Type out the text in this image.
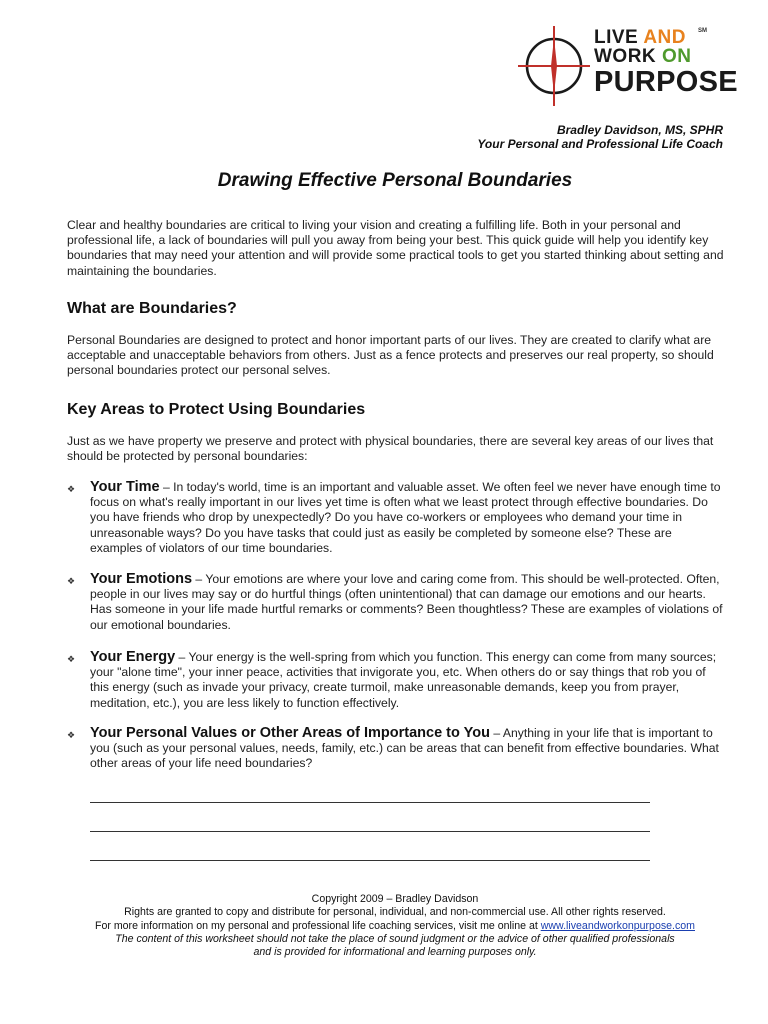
LIVE AND
WORK ON
PURPOSE
SM
Bradley Davidson, MS, SPHR
Your Personal and Professional Life Coach
Drawing Effective Personal Boundaries
Clear and healthy boundaries are critical to living your vision and creating a fulfilling life. Both in your personal and professional life, a lack of boundaries will pull you away from being your best. This quick guide will help you identify key boundaries that may need your attention and will provide some practical tools to get you started thinking about setting and maintaining the boundaries.
What are Boundaries?
Personal Boundaries are designed to protect and honor important parts of our lives. They are created to clarify what are acceptable and unacceptable behaviors from others. Just as a fence protects and preserves our real property, so should personal boundaries protect our personal selves.
Key Areas to Protect Using Boundaries
Just as we have property we preserve and protect with physical boundaries, there are several key areas of our lives that should be protected by personal boundaries:
❖ Your Time – In today's world, time is an important and valuable asset. We often feel we never have enough time to focus on what's really important in our lives yet time is often what we least protect through effective boundaries. Do you have friends who drop by unexpectedly? Do you have co-workers or employees who demand your time in unreasonable ways? Do you have tasks that could just as easily be completed by someone else? These are examples of violators of our time boundaries.
❖ Your Emotions – Your emotions are where your love and caring come from. This should be well-protected. Often, people in our lives may say or do hurtful things (often unintentional) that can damage our emotions and our hearts. Has someone in your life made hurtful remarks or comments? Been thoughtless? These are examples of violations of our emotional boundaries.
❖ Your Energy – Your energy is the well-spring from which you function. This energy can come from many sources; your "alone time", your inner peace, activities that invigorate you, etc. When others do or say things that rob you of this energy (such as invade your privacy, create turmoil, make unreasonable demands, keep you from prayer, meditation, etc.), you are less likely to function effectively.
❖ Your Personal Values or Other Areas of Importance to You – Anything in your life that is important to you (such as your personal values, needs, family, etc.) can be areas that can benefit from effective boundaries. What other areas of your life need boundaries?
Copyright 2009 – Bradley Davidson
Rights are granted to copy and distribute for personal, individual, and non-commercial use. All other rights reserved.
For more information on my personal and professional life coaching services, visit me online at www.liveandworkonpurpose.com
The content of this worksheet should not take the place of sound judgment or the advice of other qualified professionals
and is provided for informational and learning purposes only.
